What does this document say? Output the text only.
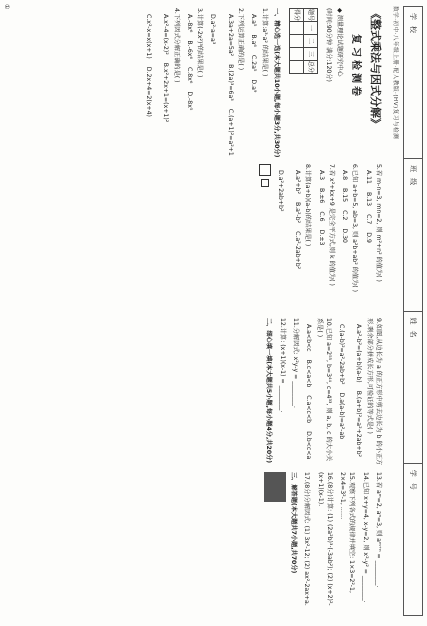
学校
班级
姓名
学号
数学·初中·八年级上册·配人教版·(HV)复习与检测
《整式乘法与因式分解》
复习检测卷
◆ 测量理论试题研究中心
(时间:90分钟 满分:120分)
题号	一	二	三	总分
得分				
一、精心选一选(本大题共10小题,每小题3分,共30分)
1.计算:a³·a² 的结果是( )
A.a⁵
B.a⁶
C.2a⁵
D.a⁹
2.下列运算正确的是( )
A.3a+2a=5a²
B.(2a)³=6a³
C.(a+1)²=a²+1
D.a²·a=a³
3.计算(-2x²)³的结果是( )
A.-8x⁶
B.-6x⁶
C.8x⁶
D.-8x⁵
4.下列因式分解正确的是( )
A.x²-4=(x-2)²
B.x²+2x+1=(x+1)²
C.x²-x=x(x+1)
D.2x+4=2(x+4)
5.若 m-n=3, mn=2, 则 m²+n² 的值为( )
A.11
B.13
C.7
D.9
6.已知 a+b=5, ab=3, 则 a²b+ab² 的值为( )
A.8
B.15
C.2
D.30
7.若 x²+kx+9 是完全平方式,则 k 的值为( )
A.3
B.±6
C.6
D.±3
8.计算(a+b)(a-b)的结果是( )
A.a²+b²
B.a²-b²
C.a²-2ab+b²
D.a²+2ab+b²
9.如图,从边长为 a 的正方形中剪去边长为 b 的小正方形,剩余部分拼成长方形,可验证的等式是( )
A.a²-b²=(a+b)(a-b)
B.(a+b)²=a²+2ab+b²
C.(a-b)²=a²-2ab+b²
D.a(a-b)=a²-ab
10.已知 a=2⁵⁵, b=3⁴⁴, c=4³³, 则 a, b, c 的大小关系是( )
A.a<b<c
B.c<a<b
C.a<c<b
D.b<c<a
11.分解因式: x²y-y = ________.
12.计算: (x+1)(x-1) = ________.
二、细心填一填(本大题共5小题,每小题4分,共20分)
13.若 aᵐ=2, aⁿ=3, 则 aᵐ⁺ⁿ = ________.
14.已知 x+y=4, x-y=2, 则 x²-y² = ________.
15.观察下列各式的规律并填空: 1×3=2²-1, 2×4=3²-1, ……
16.(8分)计算: (1) (2a²b)³·(-3ab²); (2) (x+2)²-(x+1)(x-1).
17.(8分)分解因式: (1) 3x²-12; (2) ax²-2ax+a.
三、解答题(本大题共7小题,共70分)
①
